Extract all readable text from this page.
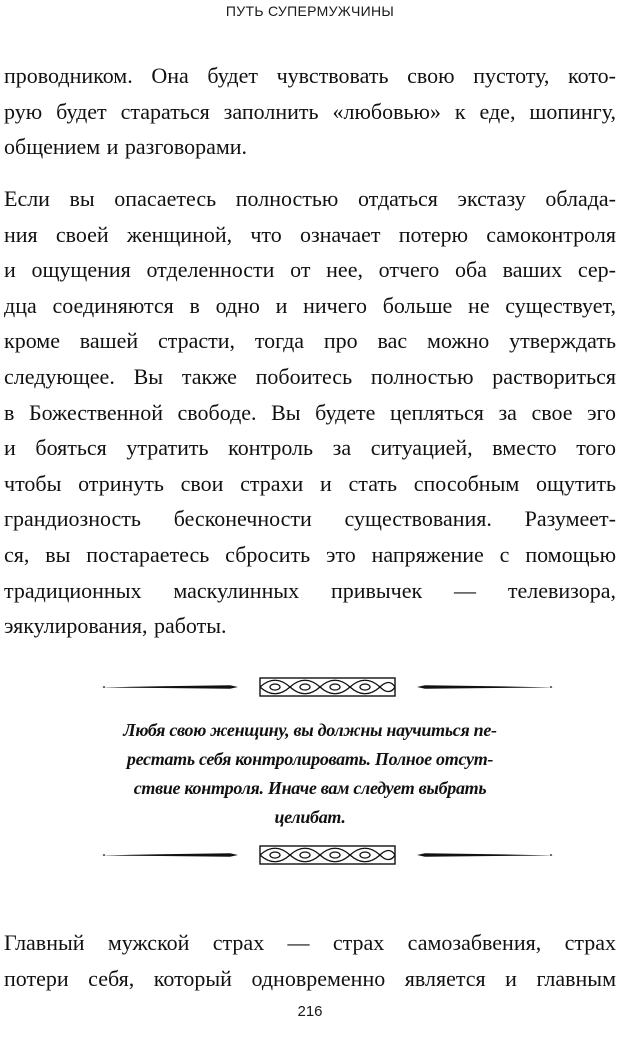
ПУТЬ СУПЕРМУЖЧИНЫ

проводником. Она будет чувствовать свою пустоту, кото-
рую будет стараться заполнить «любовью» к еде, шопингу,
общением и разговорами.

Если вы опасаетесь полностью отдаться экстазу облада-
ния своей женщиной, что означает потерю самоконтроля
и ощущения отделенности от нее, отчего оба ваших сер-
дца соединяются в одно и ничего больше не существует,
кроме вашей страсти, тогда про вас можно утверждать
следующее. Вы также побоитесь полностью раствориться
в Божественной свободе. Вы будете цепляться за свое эго
и бояться утратить контроль за ситуацией, вместо того
чтобы отринуть свои страхи и стать способным ощутить
грандиозность бесконечности существования. Разумеет-
ся, вы постараетесь сбросить это напряжение с помощью
традиционных маскулинных привычек — телевизора,
эякулирования, работы.

Любя свою женщину, вы должны научиться пе-
рестать себя контролировать. Полное отсут-
ствие контроля. Иначе вам следует выбрать
целибат.

Главный мужской страх — страх самозабвения, страх
потери себя, который одновременно является и главным

216
